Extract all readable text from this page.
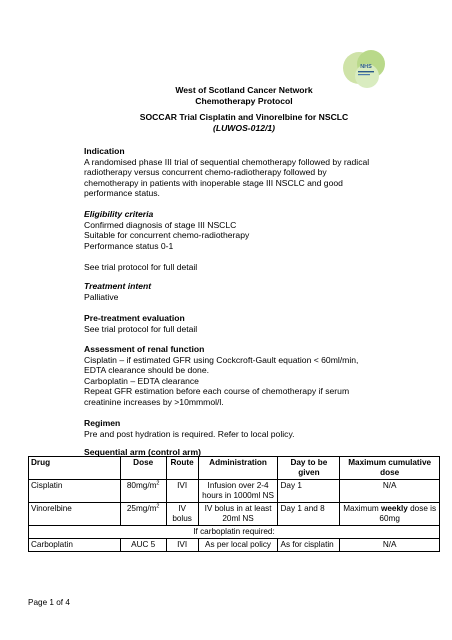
NHS
West of Scotland Cancer Network
Chemotherapy Protocol
SOCCAR Trial Cisplatin and Vinorelbine for NSCLC
(LUWOS-012/1)
Indication

A randomised phase III trial of sequential chemotherapy followed by radical

radiotherapy versus concurrent chemo-radiotherapy followed by

chemotherapy in patients with inoperable stage III NSCLC and good

performance status.

Eligibility criteria

Confirmed diagnosis of stage III NSCLC

Suitable for concurrent chemo-radiotherapy

Performance status 0-1

See trial protocol for full detail

Treatment intent

Palliative

Pre-treatment evaluation

See trial protocol for full detail

Assessment of renal function

Cisplatin – if estimated GFR using Cockcroft-Gault equation < 60ml/min,

EDTA clearance should be done.

Carboplatin – EDTA clearance

Repeat GFR estimation before each course of chemotherapy if serum

creatinine increases by >10mmmol/l.

Regimen

Pre and post hydration is required. Refer to local policy.

Sequential arm (control arm)
Drug	Dose	Route	Administration	Day to be given	Maximum cumulative dose
Cisplatin	$80mg/m^2$	IVI	Infusion over 2-4 hours in 1000ml NS	Day 1	N/A
Vinorelbine	$25mg/m^2$	IV bolus	IV bolus in at least 20ml NS	Day 1 and 8	Maximum weekly dose is 60mg
If carboplatin required:					
Carboplatin	AUC 5	IVI	As per local policy	As for cisplatin	N/A
Page 1 of 4
